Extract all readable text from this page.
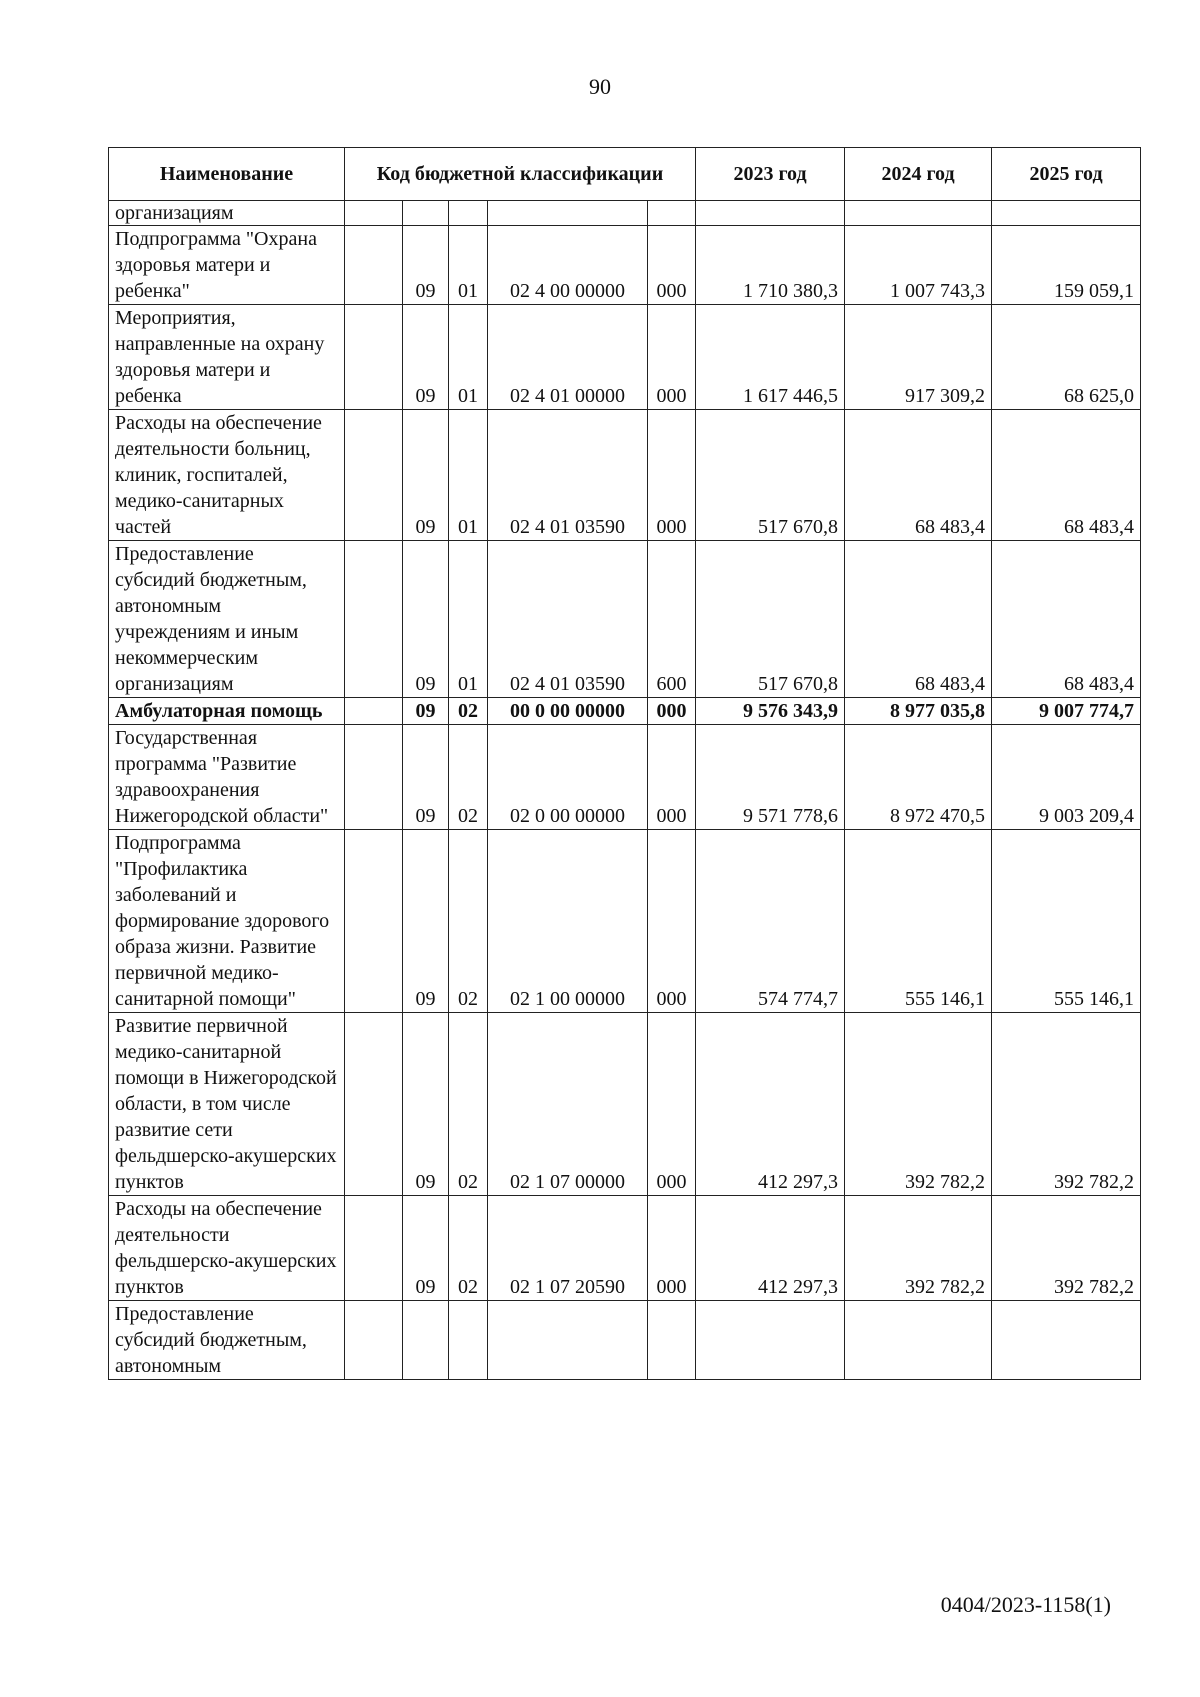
90
Наименование	Код бюджетной классификации					2023 год	2024 год	2025 год
организациям								
Подпрограмма "Охрана здоровья матери и ребенка"		09	01	02 4 00 00000	000	1 710 380,3	1 007 743,3	159 059,1
Мероприятия, направленные на охрану здоровья матери и ребенка		09	01	02 4 01 00000	000	1 617 446,5	917 309,2	68 625,0
Расходы на обеспечение деятельности больниц, клиник, госпиталей, медико-санитарных частей		09	01	02 4 01 03590	000	517 670,8	68 483,4	68 483,4
Предоставление субсидий бюджетным, автономным учреждениям и иным некоммерческим организациям		09	01	02 4 01 03590	600	517 670,8	68 483,4	68 483,4
Амбулаторная помощь		09	02	00 0 00 00000	000	9 576 343,9	8 977 035,8	9 007 774,7
Государственная программа "Развитие здравоохранения Нижегородской области"		09	02	02 0 00 00000	000	9 571 778,6	8 972 470,5	9 003 209,4
Подпрограмма "Профилактика заболеваний и формирование здорового образа жизни. Развитие первичной медико-санитарной помощи"		09	02	02 1 00 00000	000	574 774,7	555 146,1	555 146,1
Развитие первичной медико-санитарной помощи в Нижегородской области, в том числе развитие сети фельдшерско-акушерских пунктов		09	02	02 1 07 00000	000	412 297,3	392 782,2	392 782,2
Расходы на обеспечение деятельности фельдшерско-акушерских пунктов		09	02	02 1 07 20590	000	412 297,3	392 782,2	392 782,2
Предоставление субсидий бюджетным, автономным								
0404/2023-1158(1)
